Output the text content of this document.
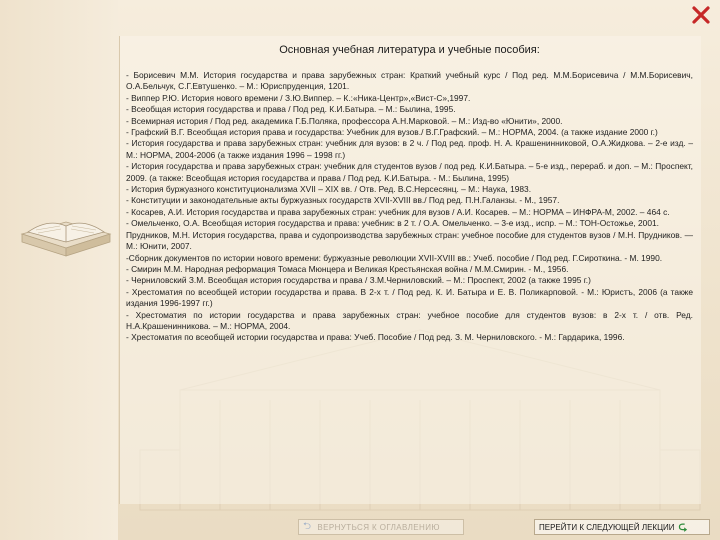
Основная учебная литература и учебные пособия:

- Борисевич М.М. История государства и права зарубежных стран: Краткий учебный курс / Под ред. М.М.Борисевича / М.М.Борисевич, О.А.Бельчук, С.Г.Евтушенко. – М.: Юриспруденция, 1201.

- Виппер Р.Ю. История нового времени / З.Ю.Виппер. – К.:«Ника-Центр»,«Вист-С»,1997.

- Всеобщая история государства и права / Под ред. К.И.Батыра. – М.: Былина, 1995.

- Всемирная история / Под ред. академика Г.Б.Поляка, профессора А.Н.Марковой. – М.: Изд-во «Юнити», 2000.

- Графский В.Г. Всеобщая история права и государства: Учебник для вузов./ В.Г.Графский. – М.: НОРМА, 2004. (а также издание 2000 г.)

- История государства и права зарубежных стран: учебник для вузов: в 2 ч. / Под ред. проф. Н. А. Крашенинниковой, О.А.Жидкова. – 2-е изд. – М.: НОРМА, 2004-2006 (а также издания 1996 – 1998 гг.)

- История государства и права зарубежных стран: учебник для студентов вузов / под ред. К.И.Батыра. – 5-е изд., перераб. и доп. – М.: Проспект, 2009. (а также: Всеобщая история государства и права / Под ред. К.И.Батыра. - М.: Былина, 1995)

- История буржуазного конституционализма XVII – XIX вв. / Отв. Ред. В.С.Нерсесянц. – М.: Наука, 1983.

- Конституции и законодательные акты буржуазных государств XVII-XVIII вв./ Под ред. П.Н.Галанзы. - М., 1957.

- Косарев, А.И. История государства и права зарубежных стран: учебник для вузов / А.И. Косарев. – М.: НОРМА – ИНФРА-М, 2002. – 464 с.

- Омельченко, О.А. Всеобщая история государства и права: учебник: в 2 т. / О.А. Омельченко. – 3-е изд., испр. – М.: ТОН-Остожье, 2001.

Прудников, М.Н. История государства, права и судопроизводства зарубежных стран: учебное пособие для студентов вузов / М.Н. Прудников. — М.: Юнити, 2007.

-Сборник документов по истории нового времени: буржуазные революции XVII-XVIII вв.: Учеб. пособие / Под ред. Г.Сироткина. - М. 1990.

- Смирин М.М. Народная реформация Томаса Мюнцера и Великая Крестьянская война / М.М.Смирин. - М., 1956.

- Черниловский З.М. Всеобщая история государства и права / З.М.Черниловский. – М.: Проспект, 2002 (а также 1995 г.)

- Хрестоматия по всеобщей истории государства и права. В 2-х т. / Под ред. К. И. Батыра и Е. В. Поликарповой. - М.: Юристъ, 2006 (а также издания 1996-1997 гг.)

- Хрестоматия по истории государства и права зарубежных стран: учебное пособие для студентов вузов: в 2-х т. / отв. Ред. Н.А.Крашенинникова. – М.: НОРМА, 2004.

- Хрестоматия по всеобщей истории государства и права: Учеб. Пособие / Под ред. З. М. Черниловского. - М.: Гардарика, 1996.

⮌ ВЕРНУТЬСЯ К ОГЛАВЛЕНИЮ	ПЕРЕЙТИ К СЛЕДУЮЩЕЙ ЛЕКЦИИ ⮎
